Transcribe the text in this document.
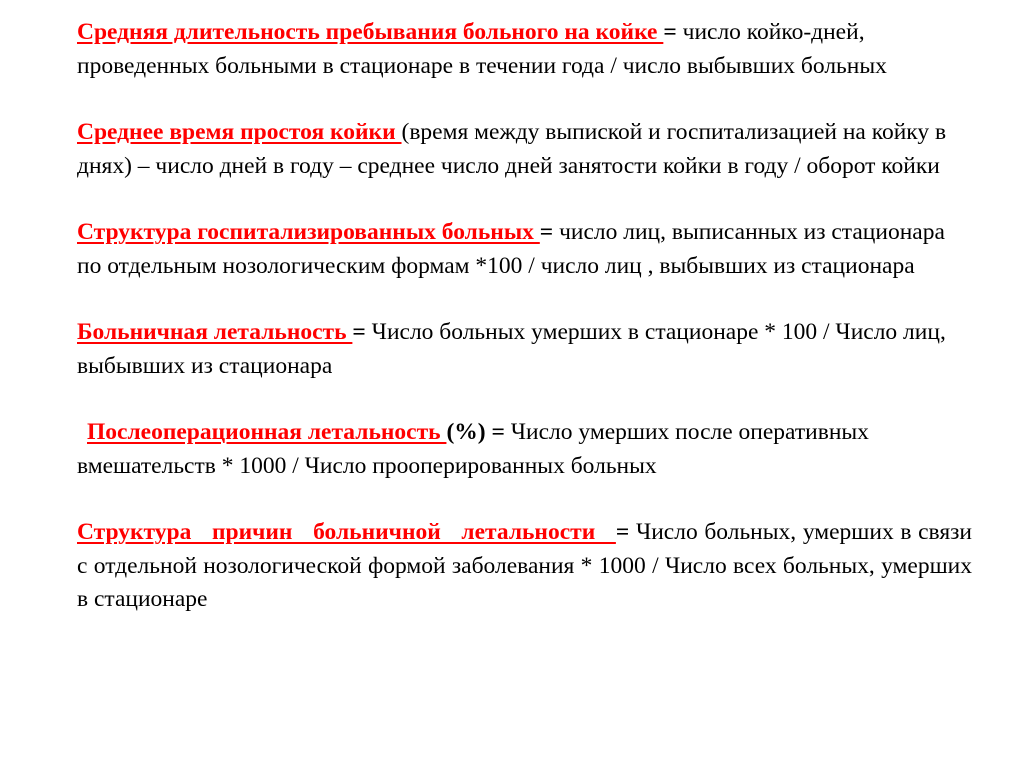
Средняя длительность пребывания больного на койке = число койко-дней, проведенных больными в стационаре в течении года / число выбывших больных

Среднее время простоя койки (время между выпиской и госпитализацией на койку в днях) – число дней в году – среднее число дней занятости койки в году / оборот койки

Структура госпитализированных больных = число лиц, выписанных из стационара по отдельным нозологическим формам *100 / число лиц , выбывших из стационара

Больничная летальность = Число больных умерших в стационаре * 100 / Число лиц, выбывших из стационара

Послеоперационная летальность (%) = Число умерших после оперативных вмешательств * 1000 / Число прооперированных больных

Структура причин больничной летальности = Число больных, умерших в связи с отдельной нозологической формой заболевания * 1000 / Число всех больных, умерших в стационаре
